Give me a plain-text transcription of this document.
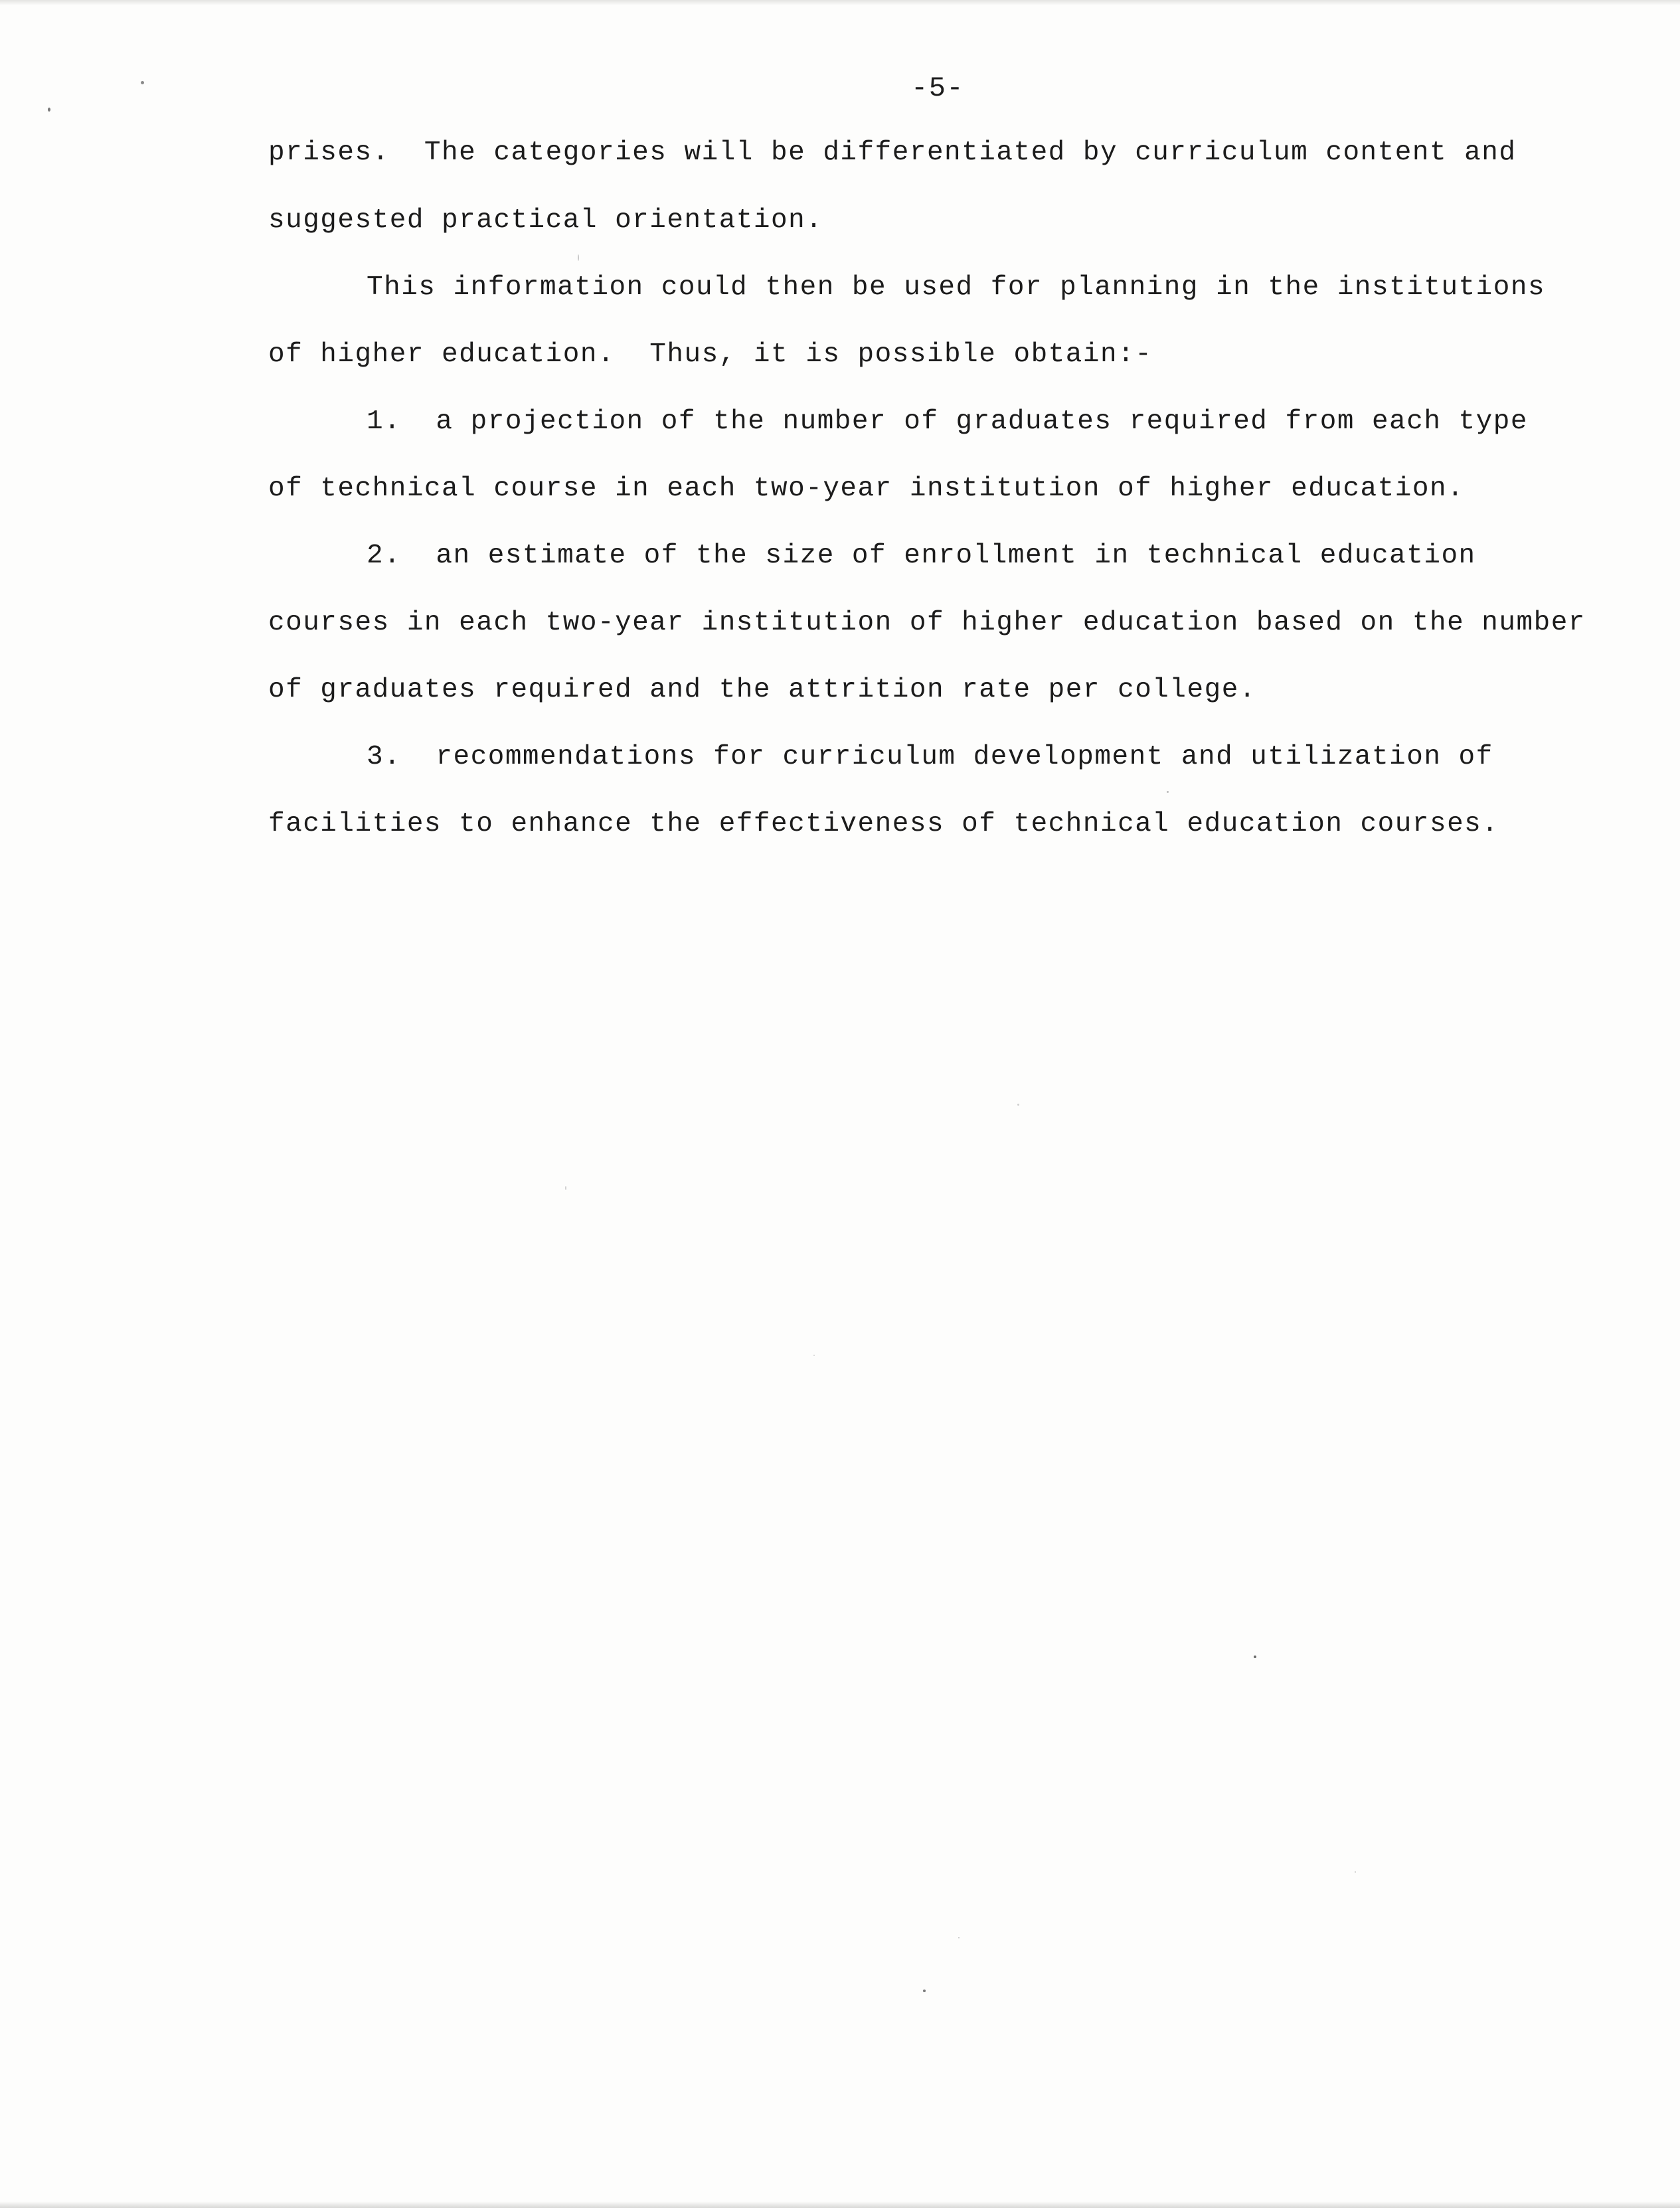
-5-
prises.  The categories will be differentiated by curriculum content and
suggested practical orientation.
This information could then be used for planning in the institutions
of higher education.  Thus, it is possible obtain:-
1.  a projection of the number of graduates required from each type
of technical course in each two-year institution of higher education.
2.  an estimate of the size of enrollment in technical education
courses in each two-year institution of higher education based on the number
of graduates required and the attrition rate per college.
3.  recommendations for curriculum development and utilization of
facilities to enhance the effectiveness of technical education courses.
